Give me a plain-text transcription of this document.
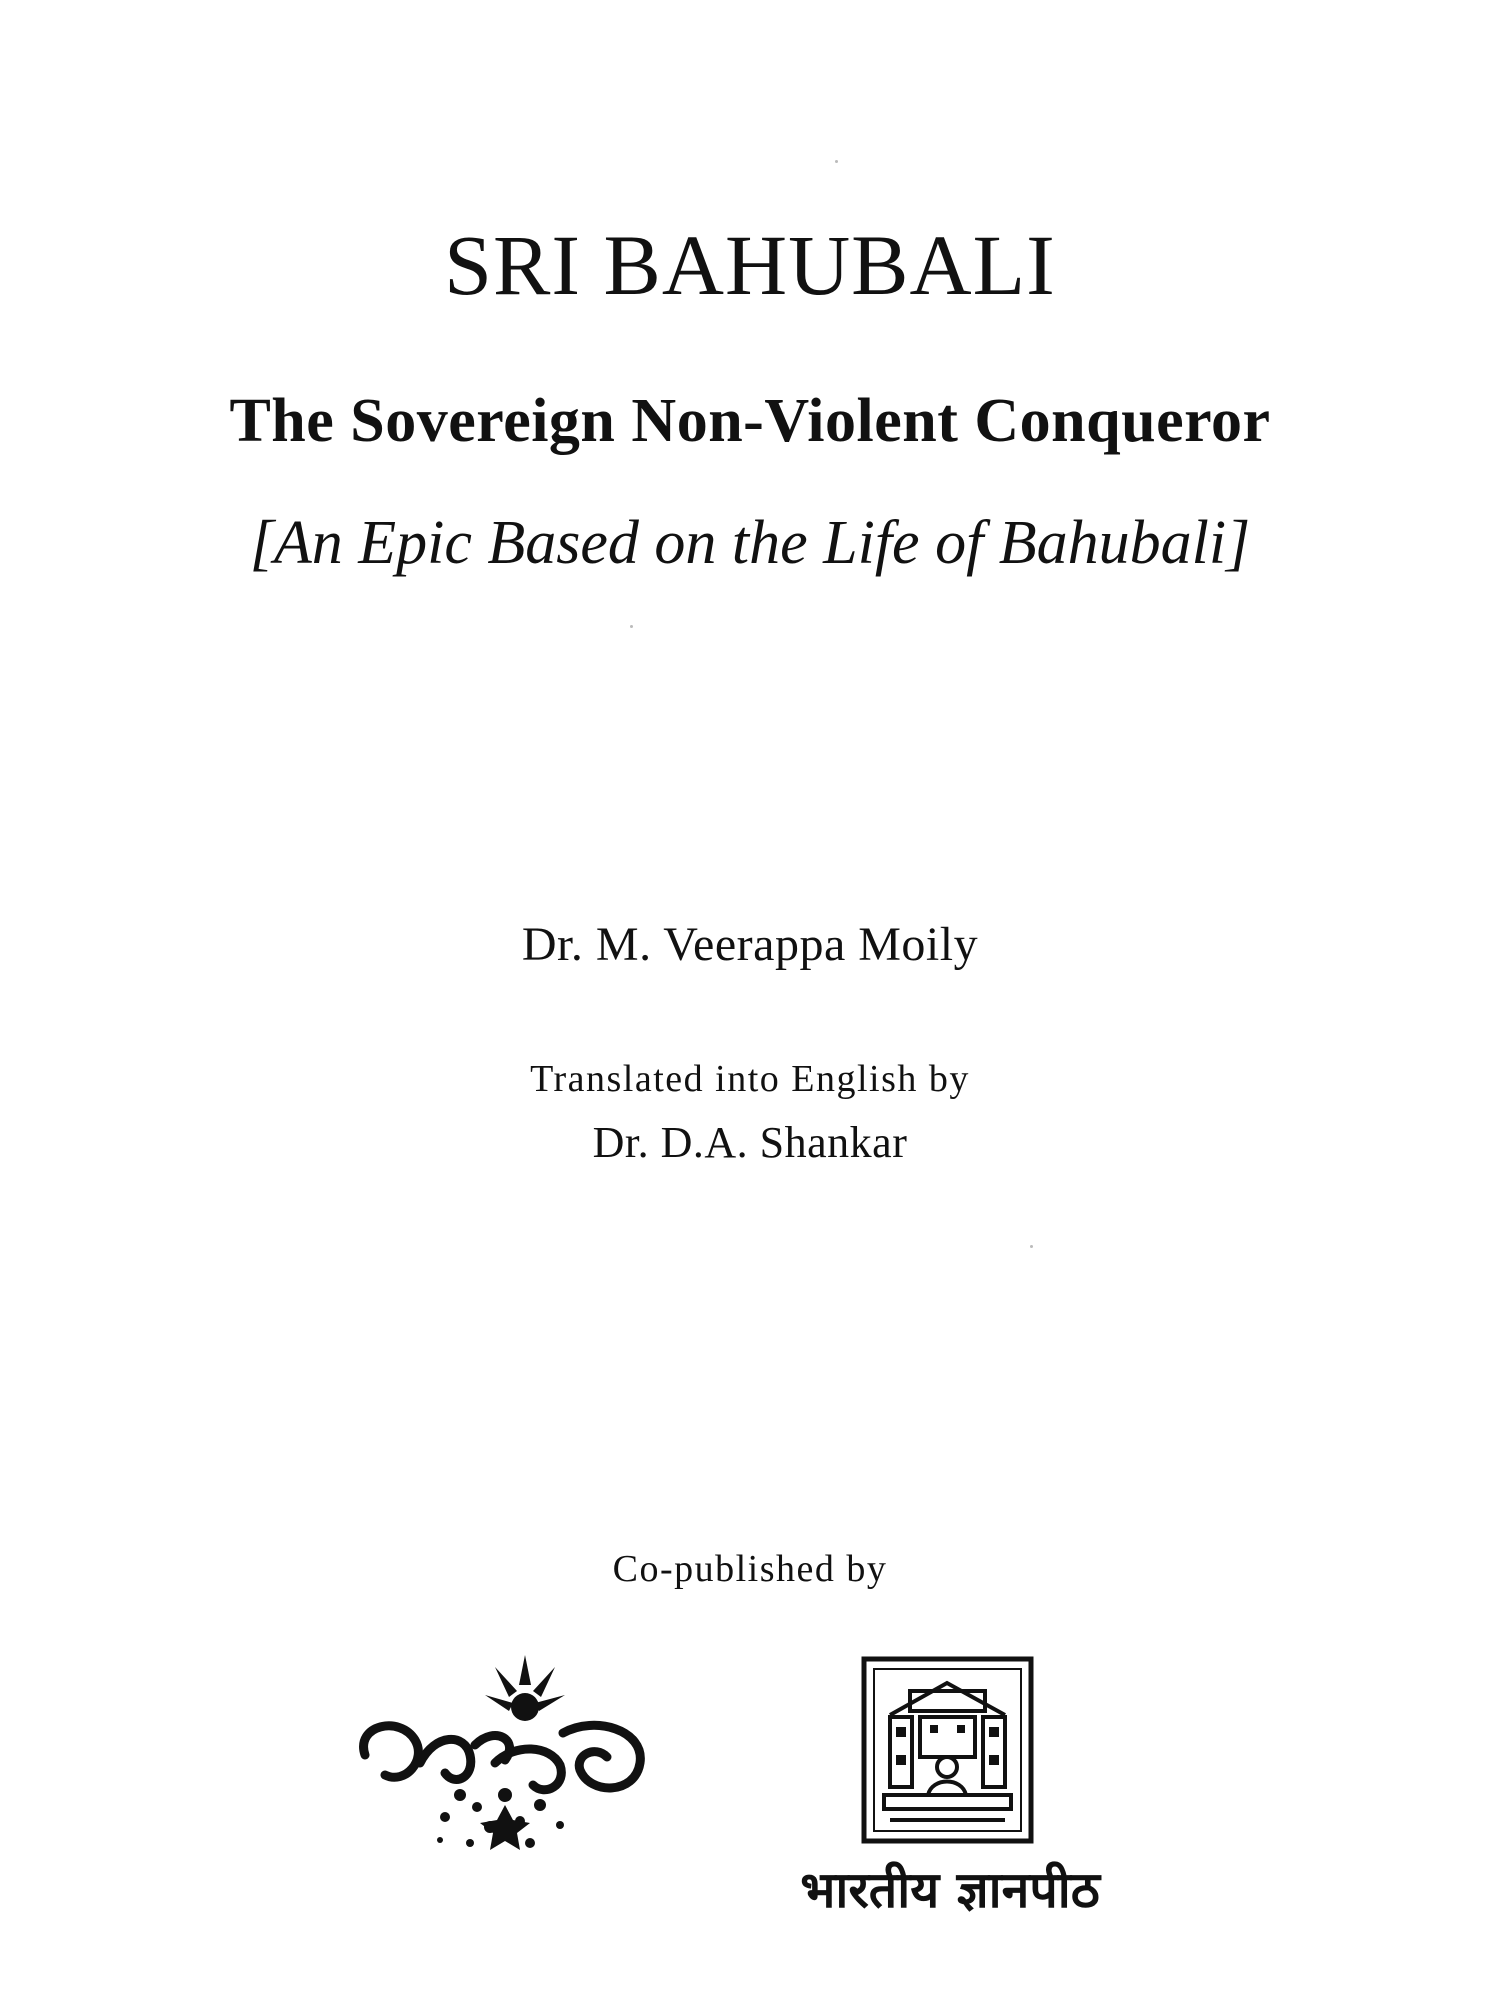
SRI BAHUBALI
The Sovereign Non-Violent Conqueror
[An Epic Based on the Life of Bahubali]
Dr. M. Veerappa Moily
Translated into English by
Dr. D.A. Shankar
Co-published by
भारतीय ज्ञानपीठ
